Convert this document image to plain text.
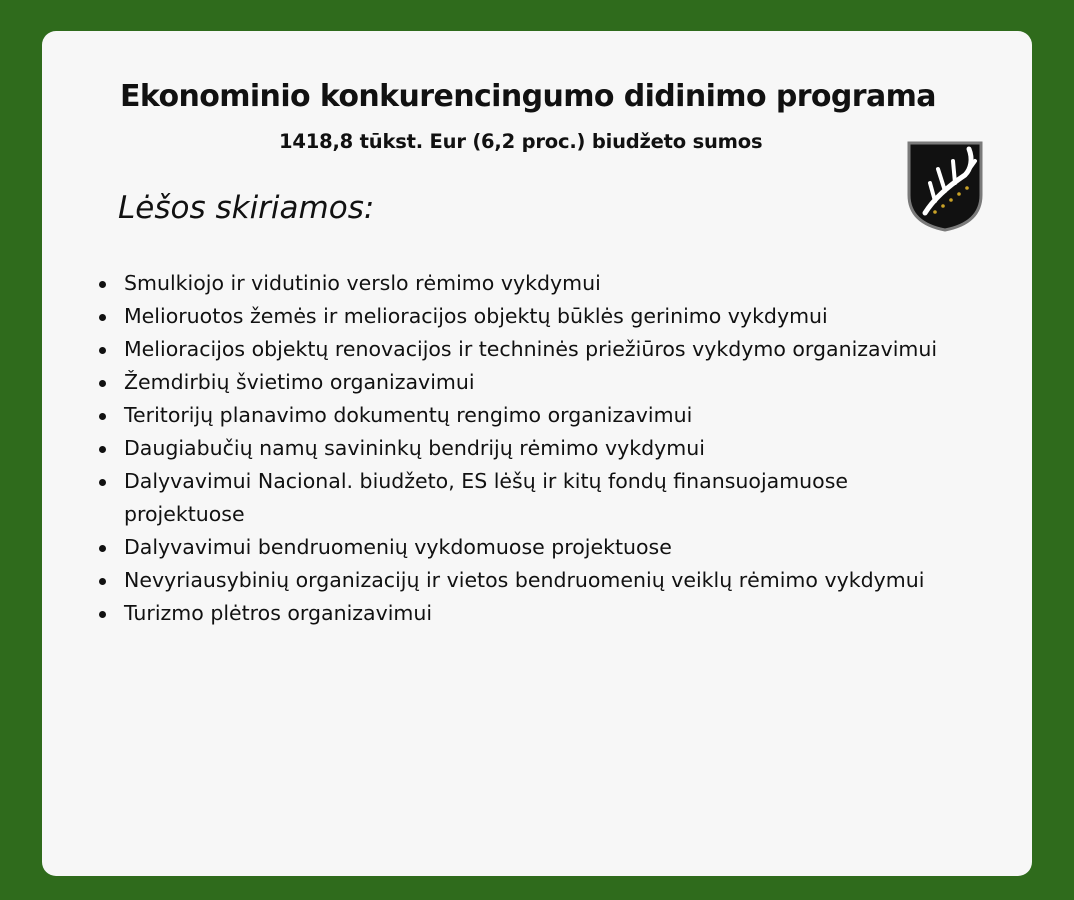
Ekonominio konkurencingumo didinimo programa
1418,8 tūkst. Eur (6,2 proc.) biudžeto sumos
Lėšos skiriamos:
Smulkiojo ir vidutinio verslo rėmimo vykdymui
Melioruotos žemės ir melioracijos objektų būklės gerinimo vykdymui
Melioracijos objektų renovacijos ir techninės priežiūros vykdymo organizavimui
Žemdirbių švietimo organizavimui
Teritorijų planavimo dokumentų rengimo organizavimui
Daugiabučių namų savininkų bendrijų rėmimo vykdymui
Dalyvavimui Nacional. biudžeto, ES lėšų ir kitų fondų finansuojamuose projektuose
Dalyvavimui bendruomenių vykdomuose projektuose
Nevyriausybinių organizacijų ir vietos bendruomenių veiklų rėmimo vykdymui
Turizmo plėtros organizavimui
